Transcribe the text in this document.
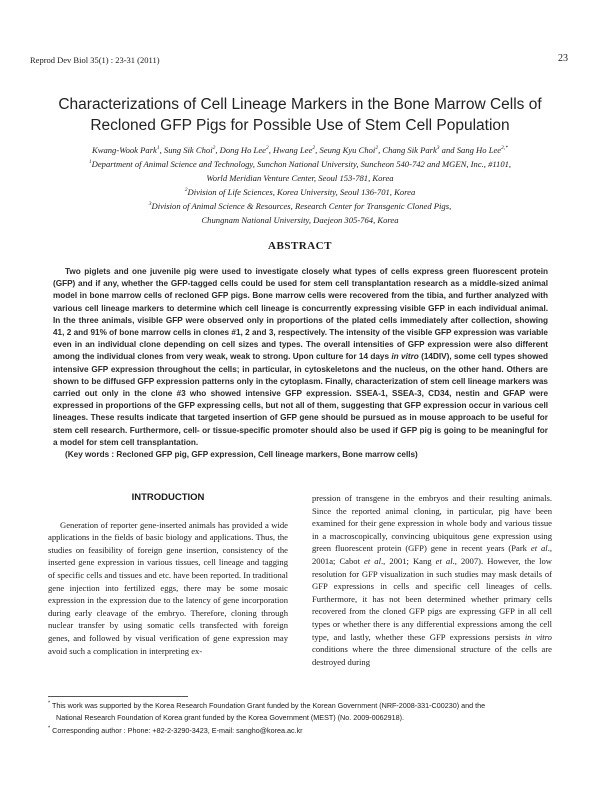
Reprod Dev Biol 35(1) : 23-31 (2011)	23
Characterizations of Cell Lineage Markers in the Bone Marrow Cells of
Recloned GFP Pigs for Possible Use of Stem Cell Population
Kwang-Wook Park$^1$, Sung Sik Choi$^2$, Dong Ho Lee$^2$, Hwang Lee$^2$, Seung Kyu Choi$^2$, Chang Sik Park$^3$ and Sang Ho Lee$^{2,*}$
$^1$Department of Animal Science and Technology, Sunchon National University, Suncheon 540-742 and MGEN, Inc., #1101,
World Meridian Venture Center, Seoul 153-781, Korea
$^2$Division of Life Sciences, Korea University, Seoul 136-701, Korea
$^3$Division of Animal Science & Resources, Research Center for Transgenic Cloned Pigs,
Chungnam National University, Daejeon 305-764, Korea
ABSTRACT

Two piglets and one juvenile pig were used to investigate closely what types of cells express green fluorescent protein (GFP) and if any, whether the GFP-tagged cells could be used for stem cell transplantation research as a middle-sized animal model in bone marrow cells of recloned GFP pigs. Bone marrow cells were recovered from the tibia, and further analyzed with various cell lineage markers to determine which cell lineage is concurrently expressing visible GFP in each individual animal. In the three animals, visible GFP were observed only in proportions of the plated cells immediately after collection, showing 41, 2 and 91% of bone marrow cells in clones #1, 2 and 3, respectively. The intensity of the visible GFP expression was variable even in an individual clone depending on cell sizes and types. The overall intensities of GFP expression were also different among the individual clones from very weak, weak to strong. Upon culture for 14 days in vitro (14DIV), some cell types showed intensive GFP expression throughout the cells; in particular, in cytoskeletons and the nucleus, on the other hand. Others are shown to be diffused GFP expression patterns only in the cytoplasm. Finally, characterization of stem cell lineage markers was carried out only in the clone #3 who showed intensive GFP expression. SSEA-1, SSEA-3, CD34, nestin and GFAP were expressed in proportions of the GFP expressing cells, but not all of them, suggesting that GFP expression occur in various cell lineages. These results indicate that targeted insertion of GFP gene should be pursued as in mouse approach to be useful for stem cell research. Furthermore, cell- or tissue-specific promoter should also be used if GFP pig is going to be meaningful for a model for stem cell transplantation.

(Key words : Recloned GFP pig, GFP expression, Cell lineage markers, Bone marrow cells)

INTRODUCTION

Generation of reporter gene-inserted animals has provided a wide applications in the fields of basic biology and applications. Thus, the studies on feasibility of foreign gene insertion, consistency of the inserted gene expression in various tissues, cell lineage and tagging of specific cells and tissues and etc. have been reported. In traditional gene injection into fertilized eggs, there may be some mosaic expression in the expression due to the latency of gene incorporation during early cleavage of the embryo. Therefore, cloning through nuclear transfer by using somatic cells transfected with foreign genes, and followed by visual verification of gene expression may avoid such a complication in interpreting ex-

pression of transgene in the embryos and their resulting animals. Since the reported animal cloning, in particular, pig have been examined for their gene expression in whole body and various tissue in a macroscopically, convincing ubiquitous gene expression using green fluorescent protein (GFP) gene in recent years (Park et al., 2001a; Cabot et al., 2001; Kang et al., 2007). However, the low resolution for GFP visualization in such studies may mask details of GFP expressions in cells and specific cell lineages of cells. Furthermore, it has not been determined whether primary cells recovered from the cloned GFP pigs are expressing GFP in all cell types or whether there is any differential expressions among the cell type, and lastly, whether these GFP expressions persists in vitro conditions where the three dimensional structure of the cells are destroyed during

* This work was supported by the Korea Research Foundation Grant funded by the Korean Government (NRF-2008-331-C00230) and the

National Research Foundation of Korea grant funded by the Korea Government (MEST) (No. 2009-0062918).

* Corresponding author : Phone: +82-2-3290-3423, E-mail: sangho@korea.ac.kr
